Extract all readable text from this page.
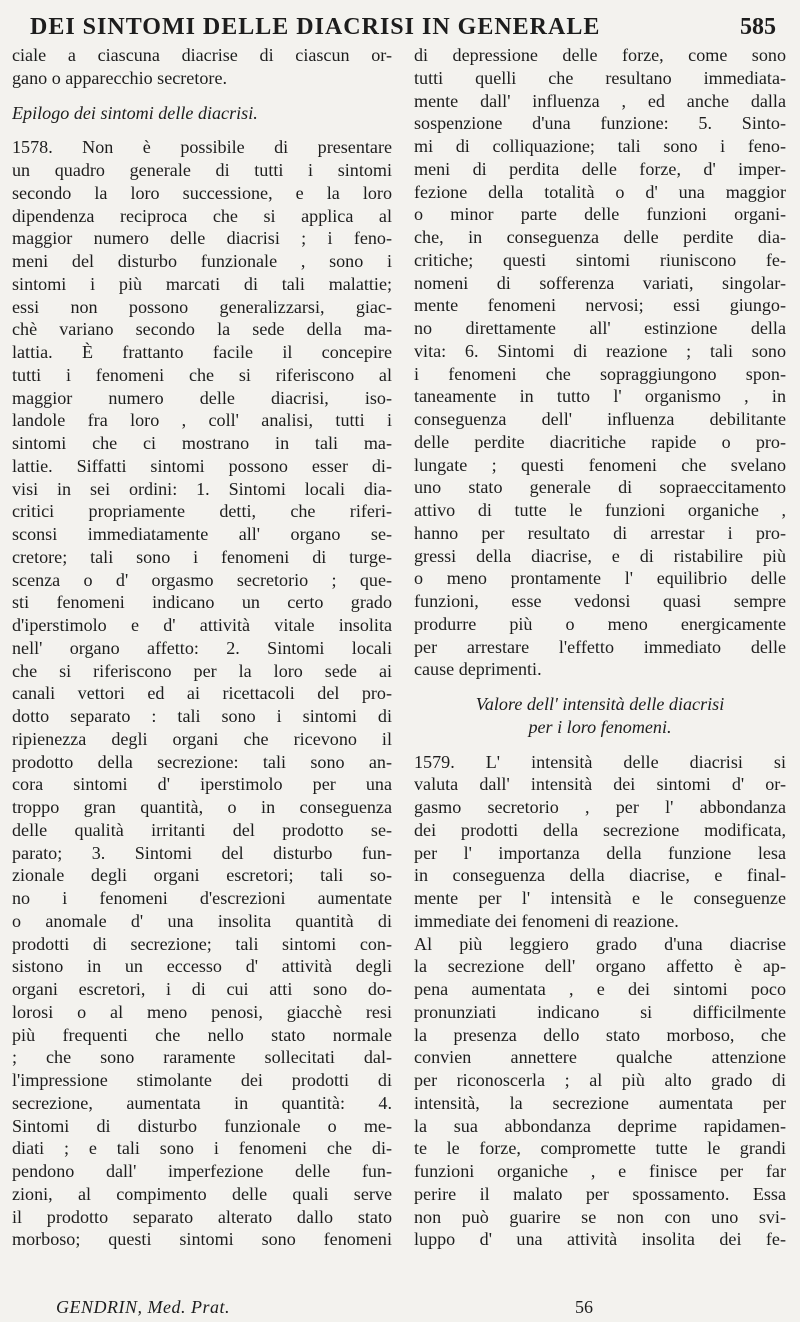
DEI SINTOMI DELLE DIACRISI IN GENERALE	585
ciale a ciascuna diacrise di ciascun or-
gano o apparecchio secretore.
Epilogo dei sintomi delle diacrisi.
1578. Non è possibile di presentare
un quadro generale di tutti i sintomi
secondo la loro successione, e la loro
dipendenza reciproca che si applica al
maggior numero delle diacrisi ; i feno-
meni del disturbo funzionale , sono i
sintomi i più marcati di tali malattie;
essi non possono generalizzarsi, giac-
chè variano secondo la sede della ma-
lattia. È frattanto facile il concepire
tutti i fenomeni che si riferiscono al
maggior numero delle diacrisi, iso-
landole fra loro , coll' analisi, tutti i
sintomi che ci mostrano in tali ma-
lattie. Siffatti sintomi possono esser di-
visi in sei ordini: 1. Sintomi locali dia-
critici propriamente detti, che riferi-
sconsi immediatamente all' organo se-
cretore; tali sono i fenomeni di turge-
scenza o d' orgasmo secretorio ; que-
sti fenomeni indicano un certo grado
d'iperstimolo e d' attività vitale insolita
nell' organo affetto: 2. Sintomi locali
che si riferiscono per la loro sede ai
canali vettori ed ai ricettacoli del pro-
dotto separato : tali sono i sintomi di
ripienezza degli organi che ricevono il
prodotto della secrezione: tali sono an-
cora sintomi d' iperstimolo per una
troppo gran quantità, o in conseguenza
delle qualità irritanti del prodotto se-
parato; 3. Sintomi del disturbo fun-
zionale degli organi escretori; tali so-
no i fenomeni d'escrezioni aumentate
o anomale d' una insolita quantità di
prodotti di secrezione; tali sintomi con-
sistono in un eccesso d' attività degli
organi escretori, i di cui atti sono do-
lorosi o al meno penosi, giacchè resi
più frequenti che nello stato normale
; che sono raramente sollecitati dal-
l'impressione stimolante dei prodotti di
secrezione, aumentata in quantità: 4.
Sintomi di disturbo funzionale o me-
diati ; e tali sono i fenomeni che di-
pendono dall' imperfezione delle fun-
zioni, al compimento delle quali serve
il prodotto separato alterato dallo stato
morboso; questi sintomi sono fenomeni
di depressione delle forze, come sono
tutti quelli che resultano immediata-
mente dall' influenza , ed anche dalla
sospenzione d'una funzione: 5. Sinto-
mi di colliquazione; tali sono i feno-
meni di perdita delle forze, d' imper-
fezione della totalità o d' una maggior
o minor parte delle funzioni organi-
che, in conseguenza delle perdite dia-
critiche; questi sintomi riuniscono fe-
nomeni di sofferenza variati, singolar-
mente fenomeni nervosi; essi giungo-
no direttamente all' estinzione della
vita: 6. Sintomi di reazione ; tali sono
i fenomeni che sopraggiungono spon-
taneamente in tutto l' organismo , in
conseguenza dell' influenza debilitante
delle perdite diacritiche rapide o pro-
lungate ; questi fenomeni che svelano
uno stato generale di sopraeccitamento
attivo di tutte le funzioni organiche ,
hanno per resultato di arrestar i pro-
gressi della diacrise, e di ristabilire più
o meno prontamente l' equilibrio delle
funzioni, esse vedonsi quasi sempre
produrre più o meno energicamente
per arrestare l'effetto immediato delle
cause deprimenti.
Valore dell' intensità delle diacrisi
per i loro fenomeni.
1579. L' intensità delle diacrisi si
valuta dall' intensità dei sintomi d' or-
gasmo secretorio , per l' abbondanza
dei prodotti della secrezione modificata,
per l' importanza della funzione lesa
in conseguenza della diacrise, e final-
mente per l' intensità e le conseguenze
immediate dei fenomeni di reazione.
Al più leggiero grado d'una diacrise
la secrezione dell' organo affetto è ap-
pena aumentata , e dei sintomi poco
pronunziati indicano si difficilmente
la presenza dello stato morboso, che
convien annettere qualche attenzione
per riconoscerla ; al più alto grado di
intensità, la secrezione aumentata per
la sua abbondanza deprime rapidamen-
te le forze, compromette tutte le grandi
funzioni organiche , e finisce per far
perire il malato per spossamento. Essa
non può guarire se non con uno svi-
luppo d' una attività insolita dei fe-
GENDRIN, Med. Prat.	56
